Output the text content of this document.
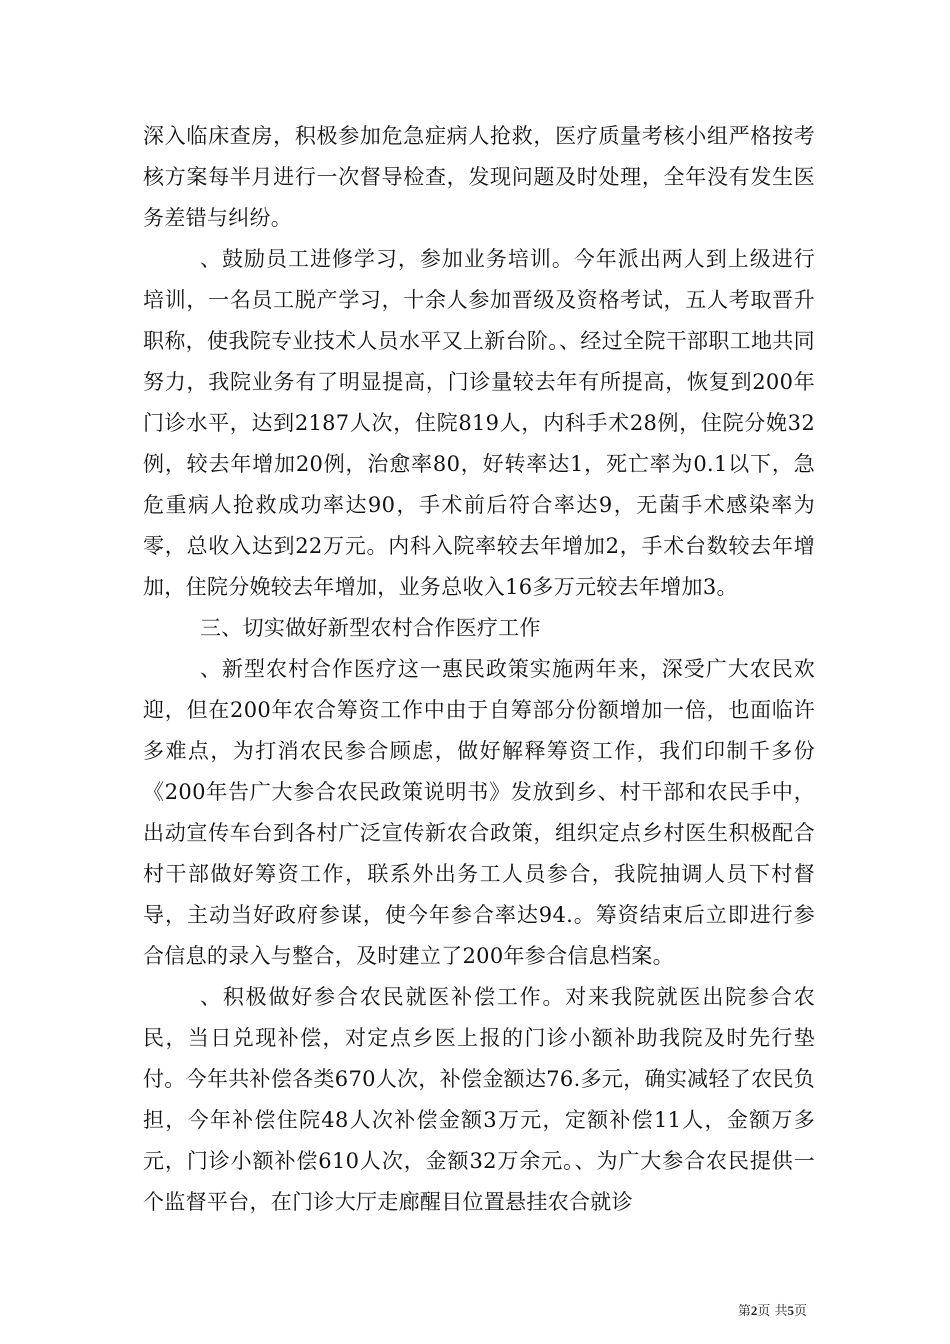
深入临床查房，积极参加危急症病人抢救，医疗质量考核小组严格按考核方案每半月进行一次督导检查，发现问题及时处理，全年没有发生医务差错与纠纷。

、鼓励员工进修学习，参加业务培训。今年派出两人到上级进行培训，一名员工脱产学习，十余人参加晋级及资格考试，五人考取晋升职称，使我院专业技术人员水平又上新台阶。、经过全院干部职工地共同努力，我院业务有了明显提高，门诊量较去年有所提高，恢复到200年门诊水平，达到2187人次，住院819人，内科手术28例，住院分娩32例，较去年增加20例，治愈率80，好转率达1，死亡率为0.1以下，急危重病人抢救成功率达90，手术前后符合率达9，无菌手术感染率为零，总收入达到22万元。内科入院率较去年增加2，手术台数较去年增加，住院分娩较去年增加，业务总收入16多万元较去年增加3。

三、切实做好新型农村合作医疗工作

、新型农村合作医疗这一惠民政策实施两年来，深受广大农民欢迎，但在200年农合筹资工作中由于自筹部分份额增加一倍，也面临许多难点，为打消农民参合顾虑，做好解释筹资工作，我们印制千多份《200年告广大参合农民政策说明书》发放到乡、村干部和农民手中，出动宣传车台到各村广泛宣传新农合政策，组织定点乡村医生积极配合村干部做好筹资工作，联系外出务工人员参合，我院抽调人员下村督导，主动当好政府参谋，使今年参合率达94.。筹资结束后立即进行参合信息的录入与整合，及时建立了200年参合信息档案。

、积极做好参合农民就医补偿工作。对来我院就医出院参合农民，当日兑现补偿，对定点乡医上报的门诊小额补助我院及时先行垫付。今年共补偿各类670人次，补偿金额达76.多元，确实减轻了农民负担，今年补偿住院48人次补偿金额3万元，定额补偿11人，金额万多元，门诊小额补偿610人次，金额32万余元。、为广大参合农民提供一个监督平台，在门诊大厅走廊醒目位置悬挂农合就诊

第2页 共5页
